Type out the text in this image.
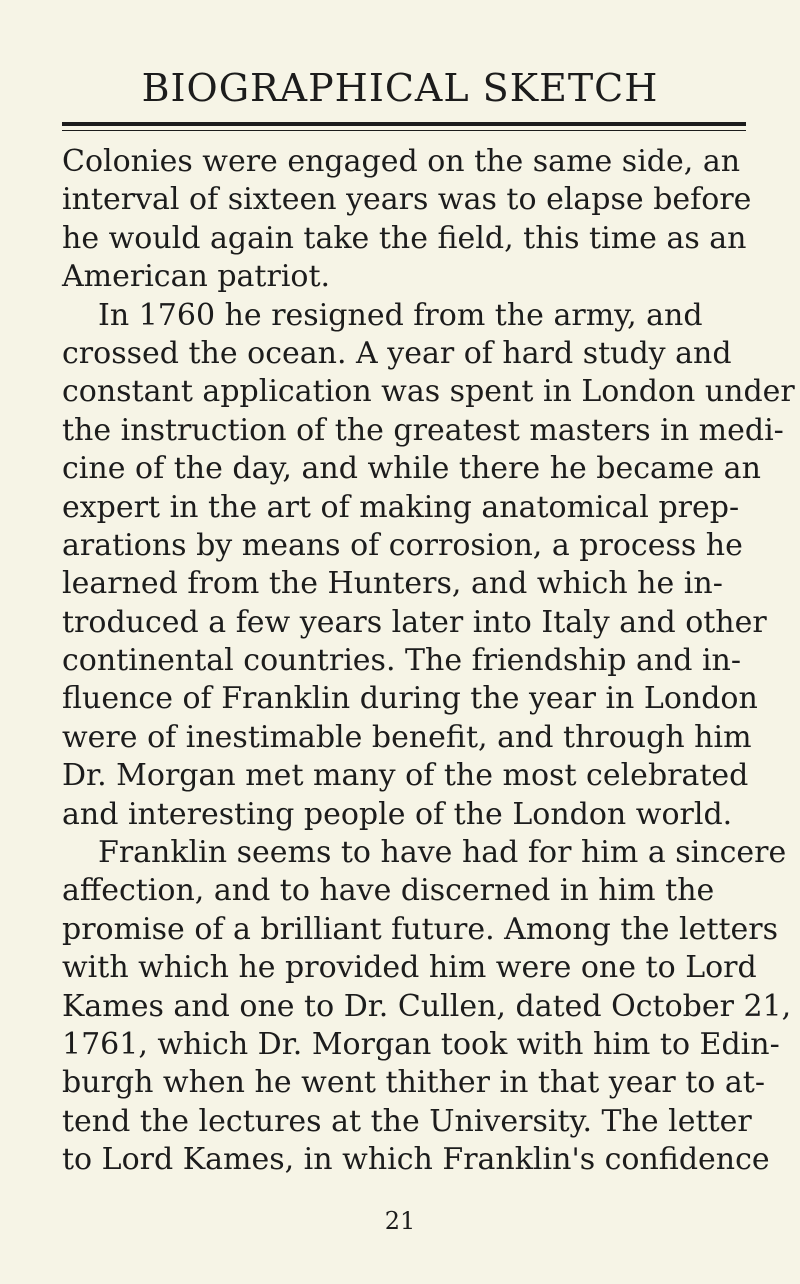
BIOGRAPHICAL SKETCH
Colonies were engaged on the same side, an
interval of sixteen years was to elapse before
he would again take the field, this time as an
American patriot.
In 1760 he resigned from the army, and
crossed the ocean. A year of hard study and
constant application was spent in London under
the instruction of the greatest masters in medi-
cine of the day, and while there he became an
expert in the art of making anatomical prep-
arations by means of corrosion, a process he
learned from the Hunters, and which he in-
troduced a few years later into Italy and other
continental countries. The friendship and in-
fluence of Franklin during the year in London
were of inestimable benefit, and through him
Dr. Morgan met many of the most celebrated
and interesting people of the London world.
Franklin seems to have had for him a sincere
affection, and to have discerned in him the
promise of a brilliant future. Among the letters
with which he provided him were one to Lord
Kames and one to Dr. Cullen, dated October 21,
1761, which Dr. Morgan took with him to Edin-
burgh when he went thither in that year to at-
tend the lectures at the University. The letter
to Lord Kames, in which Franklin's confidence
21
